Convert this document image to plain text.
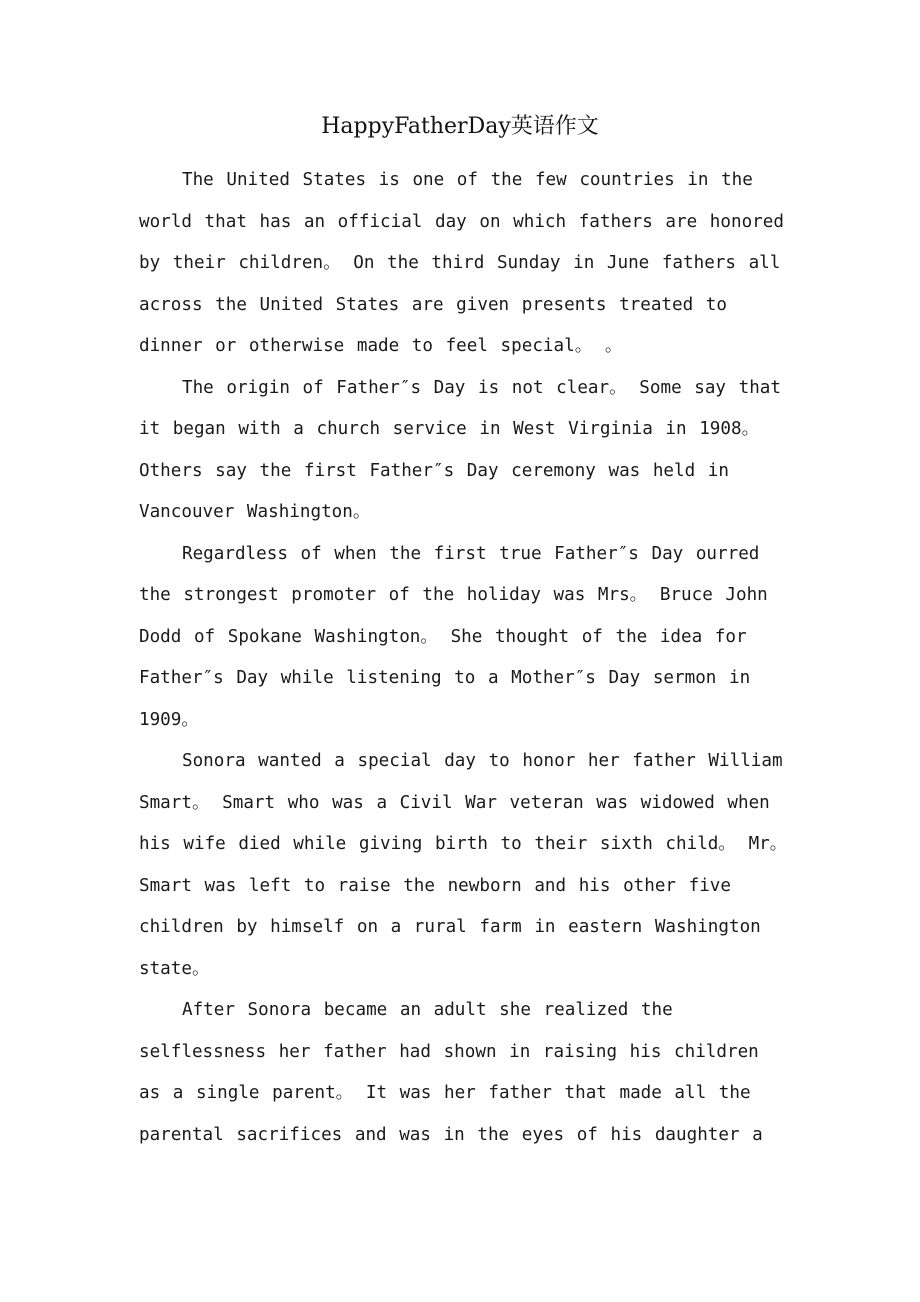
HappyFatherDay英语作文

The United States is one of the few countries in the world that has an official day on which fathers are honored by their children。 On the third Sunday in June fathers all across the United States are given presents treated to dinner or otherwise made to feel special。 。

The origin of Father″s Day is not clear。 Some say that it began with a church service in West Virginia in 1908。 Others say the first Father″s Day ceremony was held in Vancouver Washington。

Regardless of when the first true Father″s Day ourred the strongest promoter of the holiday was Mrs。 Bruce John Dodd of Spokane Washington。 She thought of the idea for Father″s Day while listening to a Mother″s Day sermon in 1909。

Sonora wanted a special day to honor her father William Smart。 Smart who was a Civil War veteran was widowed when his wife died while giving birth to their sixth child。 Mr。 Smart was left to raise the newborn and his other five children by himself on a rural farm in eastern Washington state。

After Sonora became an adult she realized the selflessness her father had shown in raising his children as a single parent。 It was her father that made all the parental sacrifices and was in the eyes of his daughter a
